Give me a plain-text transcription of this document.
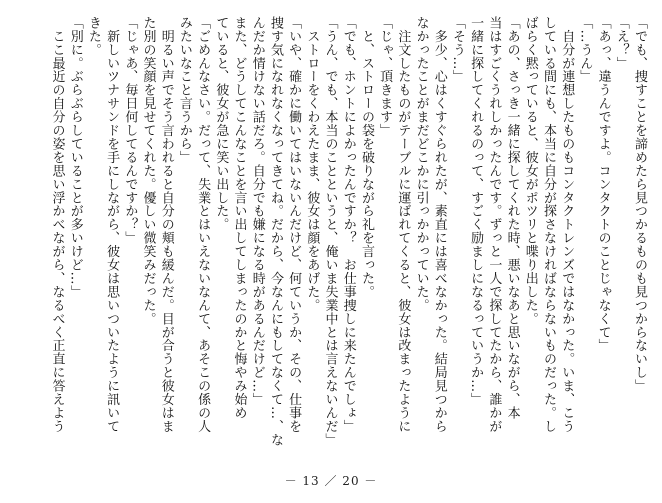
「でも、捜すことを諦めたら見つかるものも見つからないし」
「え？」
「あっ、違うんですよ。コンタクトのことじゃなくて」
「…うん」
　自分が連想したものもコンタクトレンズではなかった。いま、こう
している間にも、本当に自分が探さなければならないものだった。し
ばらく黙っていると、彼女がポツリと喋り出した。
「あの、さっき一緒に探してくれた時、悪いなあと思いながら、本
当はすごくうれしかったんです。ずっと一人で探してたから、誰かが
一緒に探してくれるのって、すごく励ましになるっていうか…」
「そう…」
　多少、心はくすぐられたが、素直には喜べなかった。結局見つから
なかったことがまだどこかに引っかかっていた。
　注文したものがテーブルに運ばれてくると、彼女は改まったように
「じゃ、頂きます」
　と、ストローの袋を破りながら礼を言った。
「でも、ホントによかったんですか？　お仕事捜しに来たんでしょ」
「うん、でも、本当のことというと、俺いま失業中とは言えないんだ」
　ストローをくわえたまま、彼女は顔をあげた。
「いや、確かに働いてはいないんだけど、何ていうか、その、仕事を
捜す気になれなくなってきてね。だから、今なんにもしてなくて…、な
んだか情けない話だろ。自分でも嫌になる時があるんだけど…」
また、どうしてこんなことを言い出してしまったのかと悔やみ始め
ていると、彼女が急に笑い出した。
「ごめんなさい。だって、失業とはいえないなんて、あそこの係の人
みたいなこと言うから」
　明るい声でそう言われると自分の頬も緩んだ。目が合うと彼女はま
た別の笑顔を見せてくれた。優しい微笑みだった。
「じゃあ、毎日何してるんですか？」
　新しいツナサンドを手にしながら、彼女は思いついたように訊いて
きた。
「別に。ぶらぶらしていることが多いけど…」
　ここ最近の自分の姿を思い浮かべながら、なるべく正直に答えよう
－ 13 ／ 20 －
